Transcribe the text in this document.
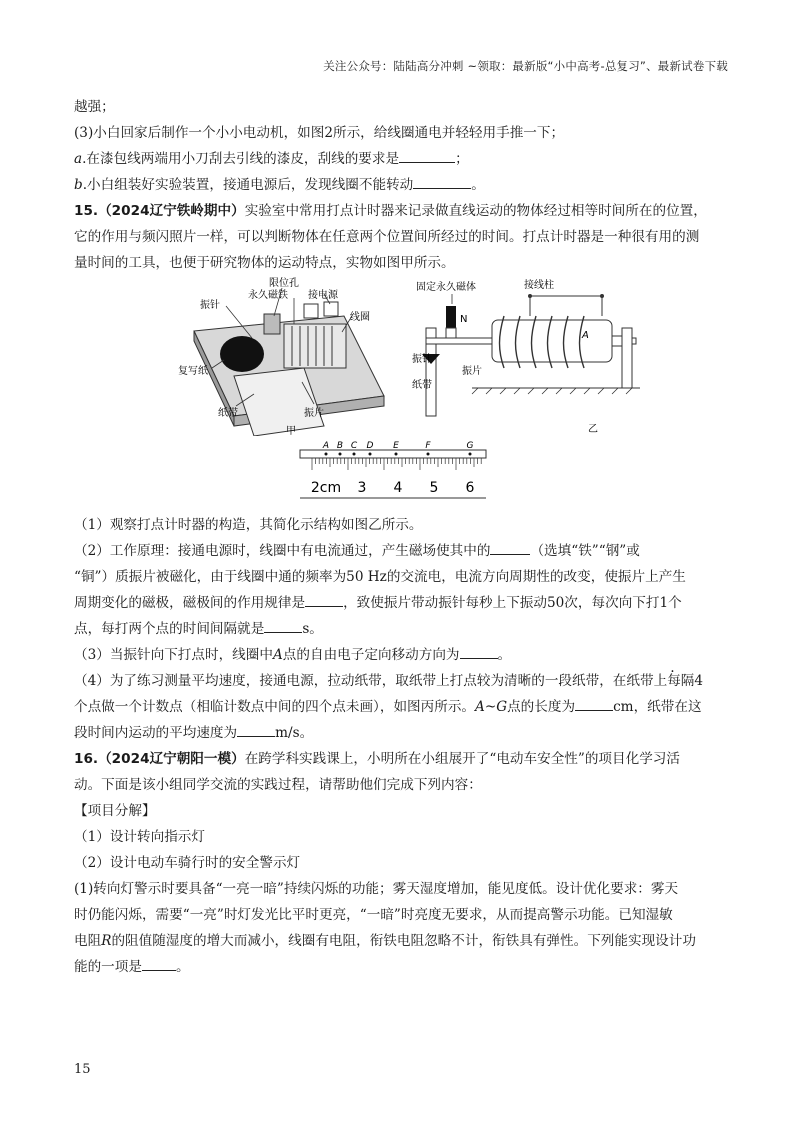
关注公众号：陆陆高分冲刺 ~领取：最新版“小中高考-总复习”、最新试卷下载
越强；
(3)小白回家后制作一个小小电动机，如图2所示，给线圈通电并轻轻用手推一下；
a.在漆包线两端用小刀刮去引线的漆皮，刮线的要求是	；
b.小白组装好实验装置，接通电源后，发现线圈不能转动	。
15.（2024辽宁铁岭期中）实验室中常用打点计时器来记录做直线运动的物体经过相等时间所在的位置，
它的作用与频闪照片一样，可以判断物体在任意两个位置间所经过的时间。打点计时器是一种很有用的测
量时间的工具，也便于研究物体的运动特点，实物如图甲所示。
限位孔
永久磁铁 接电源
振针
线圈
复写纸
纸带	振片
甲
固定永久磁体	接线柱
N
A
振针
纸带
振片
乙
A B C D E	F	G
2cm 3 4 5 6
（1）观察打点计时器的构造，其简化示结构如图乙所示。
（2）工作原理：接通电源时，线圈中有电流通过，产生磁场使其中的	（选填“铁”“钢”或
“铜”）质振片被磁化，由于线圈中通的频率为50 Hz的交流电，电流方向周期性的改变，使振片上产生
周期变化的磁极，磁极间的作用规律是	，致使振片带动振针每秒上下振动50次，每次向下打1个
点，每打两个点的时间间隔就是	s。
（3）当振针向下打点时，线圈中A点的自由电子定向移动方向为	。
（4）为了练习测量平均速度，接通电源，拉动纸带，取纸带上打点较为清晰的一段纸带，在纸带上每隔4
个点做一个计数点（相临计数点中间的四个点未画），如图丙所示。A~G点的长度为	cm，纸带在这
段时间内运动的平均速度为	m/s。
16.（2024辽宁朝阳一模）在跨学科实践课上，小明所在小组展开了“电动车安全性”的项目化学习活
动。下面是该小组同学交流的实践过程，请帮助他们完成下列内容：
【项目分解】
（1）设计转向指示灯
（2）设计电动车骑行时的安全警示灯
(1)转向灯警示时要具备“一亮一暗”持续闪烁的功能；雾天湿度增加，能见度低。设计优化要求：雾天
时仍能闪烁，需要“一亮”时灯发光比平时更亮，“一暗”时亮度无要求，从而提高警示功能。已知湿敏
电阻R的阻值随湿度的增大而减小，线圈有电阻，衔铁电阻忽略不计，衔铁具有弹性。下列能实现设计功
能的一项是	。
15
